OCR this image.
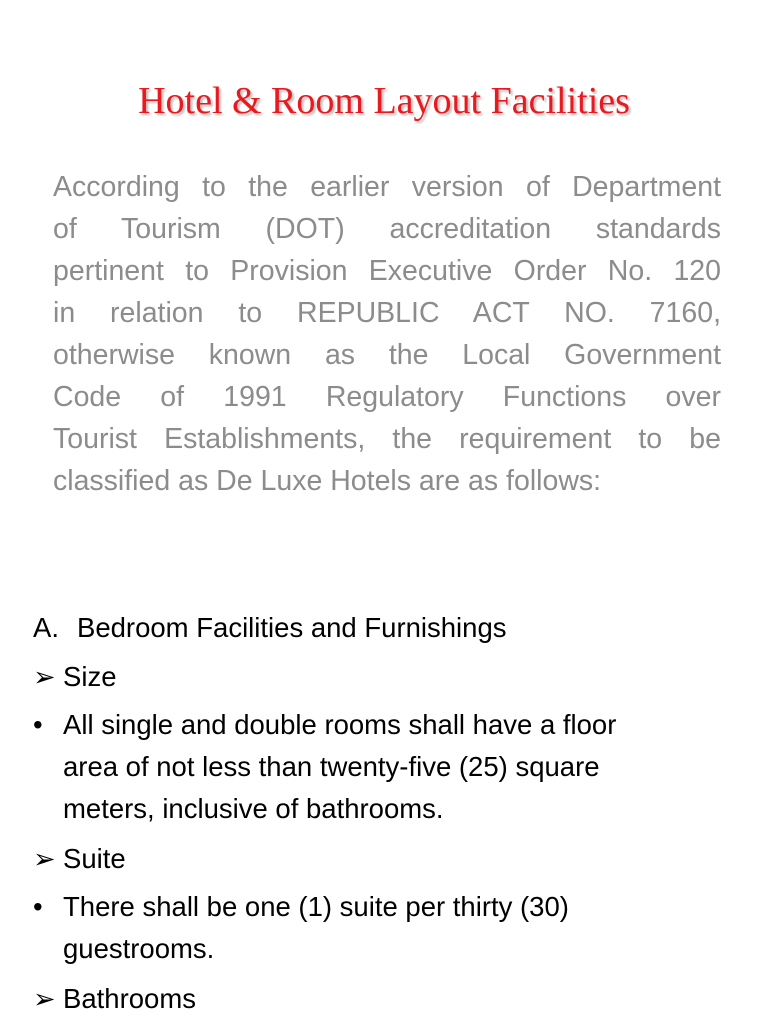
Hotel & Room Layout Facilities
According to the earlier version of Department
of Tourism (DOT) accreditation standards
pertinent to Provision Executive Order No. 120
in relation to REPUBLIC ACT NO. 7160,
otherwise known as the Local Government
Code of 1991 Regulatory Functions over
Tourist Establishments, the requirement to be
classified as De Luxe Hotels are as follows:
A. Bedroom Facilities and Furnishings
➢ Size
• All single and double rooms shall have a floor
area of not less than twenty-five (25) square
meters, inclusive of bathrooms.
➢ Suite
• There shall be one (1) suite per thirty (30)
guestrooms.
➢ Bathrooms
